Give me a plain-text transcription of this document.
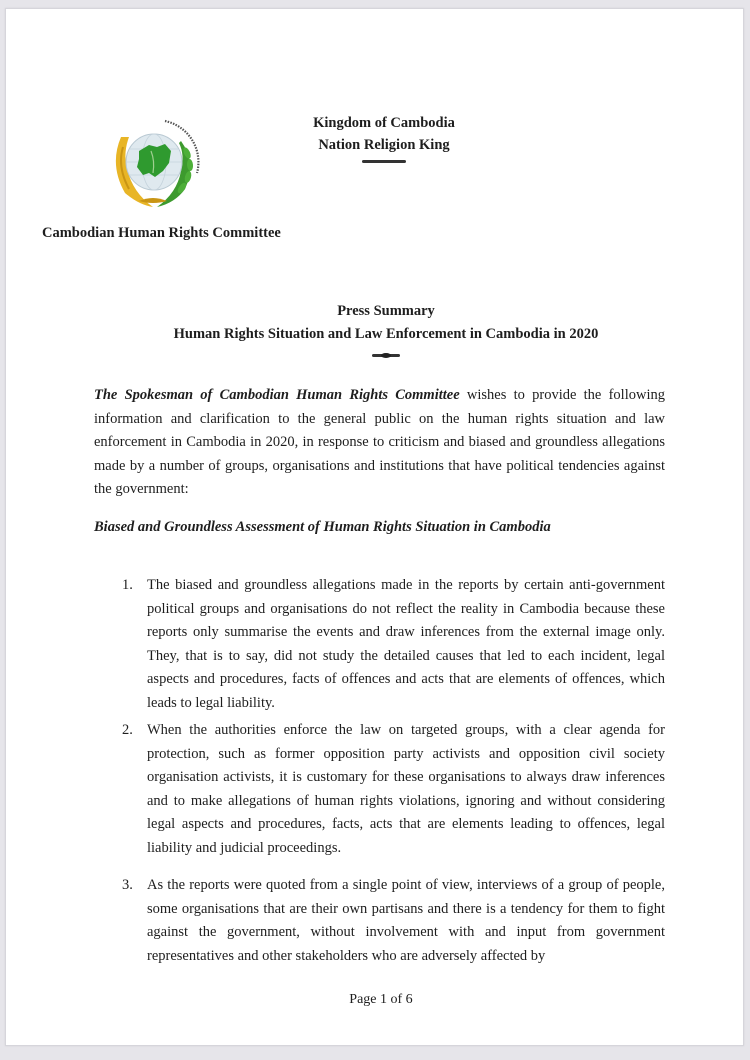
Kingdom of Cambodia
Nation Religion King
Cambodian Human Rights Committee
Press Summary
Human Rights Situation and Law Enforcement in Cambodia in 2020

The Spokesman of Cambodian Human Rights Committee wishes to provide the following information and clarification to the general public on the human rights situation and law enforcement in Cambodia in 2020, in response to criticism and biased and groundless allegations made by a number of groups, organisations and institutions that have political tendencies against the government:

Biased and Groundless Assessment of Human Rights Situation in Cambodia
1. The biased and groundless allegations made in the reports by certain anti-government political groups and organisations do not reflect the reality in Cambodia because these reports only summarise the events and draw inferences from the external image only. They, that is to say, did not study the detailed causes that led to each incident, legal aspects and procedures, facts of offences and acts that are elements of offences, which leads to legal liability.
2. When the authorities enforce the law on targeted groups, with a clear agenda for protection, such as former opposition party activists and opposition civil society organisation activists, it is customary for these organisations to always draw inferences and to make allegations of human rights violations, ignoring and without considering legal aspects and procedures, facts, acts that are elements leading to offences, legal liability and judicial proceedings.
3. As the reports were quoted from a single point of view, interviews of a group of people, some organisations that are their own partisans and there is a tendency for them to fight against the government, without involvement with and input from government representatives and other stakeholders who are adversely affected by
Page 1 of 6
